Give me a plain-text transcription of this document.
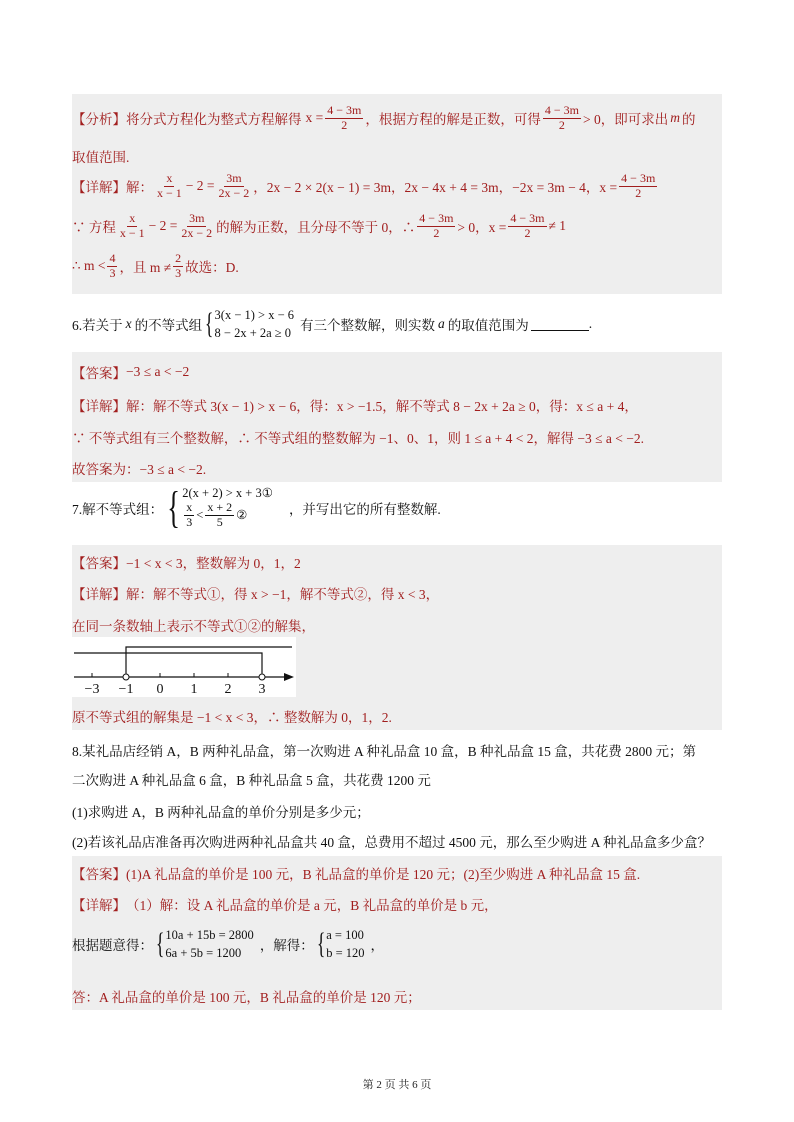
【分析】 将分式方程化为整式方程解得 $x = \frac{4 - 3m}{2}$ ，根据方程的解是正数，可得 $\frac{4 - 3m}{2} > 0$，即可求出 m 的
取值范围.
【详解】 解： $\frac{x}{x - 1} - 2 = \frac{3m}{2x - 2}$ ，2x − 2 × 2(x − 1) = 3m，2x − 4x + 4 = 3m，−2x = 3m − 4，$x = \frac{4 - 3m}{2}$
∵ 方程 $\frac{x}{x - 1} - 2 = \frac{3m}{2x - 2}$ 的解为正数，且分母不等于 0，∴ $\frac{4 - 3m}{2} > 0$，$x = \frac{4 - 3m}{2} \ne 1$
∴ $m < \frac{4}{3}$ ，且 $m \ne \frac{2}{3}$ 故选：D.
6.若关于 x 的不等式组 { 3(x − 1) > x − 6
8 − 2x + 2a ≥ 0 有三个整数解，则实数 a 的取值范围为	.
【答案】 −3 ≤ a < −2
【详解】 解：解不等式 3(x − 1) > x − 6，得：x > −1.5，解不等式 8 − 2x + 2a ≥ 0，得：x ≤ a + 4，
∵ 不等式组有三个整数解，∴ 不等式组的整数解为 −1、0、1，则 1 ≤ a + 4 < 2，解得 −3 ≤ a < −2.
故答案为：−3 ≤ a < −2.
7.解不等式组： { 2(x + 2) > x + 3①
$\frac{x}{3} < \frac{x + 2}{5}$ ②	，并写出它的所有整数解.
【答案】 −1 < x < 3，整数解为 0，1，2
【详解】 解：解不等式①，得 x > −1，解不等式②，得 x < 3，
在同一条数轴上表示不等式①②的解集，
−3 −1 0 1 2 3
原不等式组的解集是 −1 < x < 3，∴ 整数解为 0，1，2.
8.某礼品店经销 A，B 两种礼品盒，第一次购进 A 种礼品盒 10 盒，B 种礼品盒 15 盒，共花费 2800 元；第
二次购进 A 种礼品盒 6 盒，B 种礼品盒 5 盒，共花费 1200 元
(1)求购进 A，B 两种礼品盒的单价分别是多少元；
(2)若该礼品店准备再次购进两种礼品盒共 40 盒，总费用不超过 4500 元，那么至少购进 A 种礼品盒多少盒？
【答案】 (1)A 礼品盒的单价是 100 元，B 礼品盒的单价是 120 元；(2)至少购进 A 种礼品盒 15 盒.
【详解】 （1）解：设 A 礼品盒的单价是 a 元，B 礼品盒的单价是 b 元，
根据题意得： { 10a + 15b = 2800
6a + 5b = 1200	，解得： { a = 100
b = 120 ，
答：A 礼品盒的单价是 100 元，B 礼品盒的单价是 120 元；
第 2 页 共 6 页
